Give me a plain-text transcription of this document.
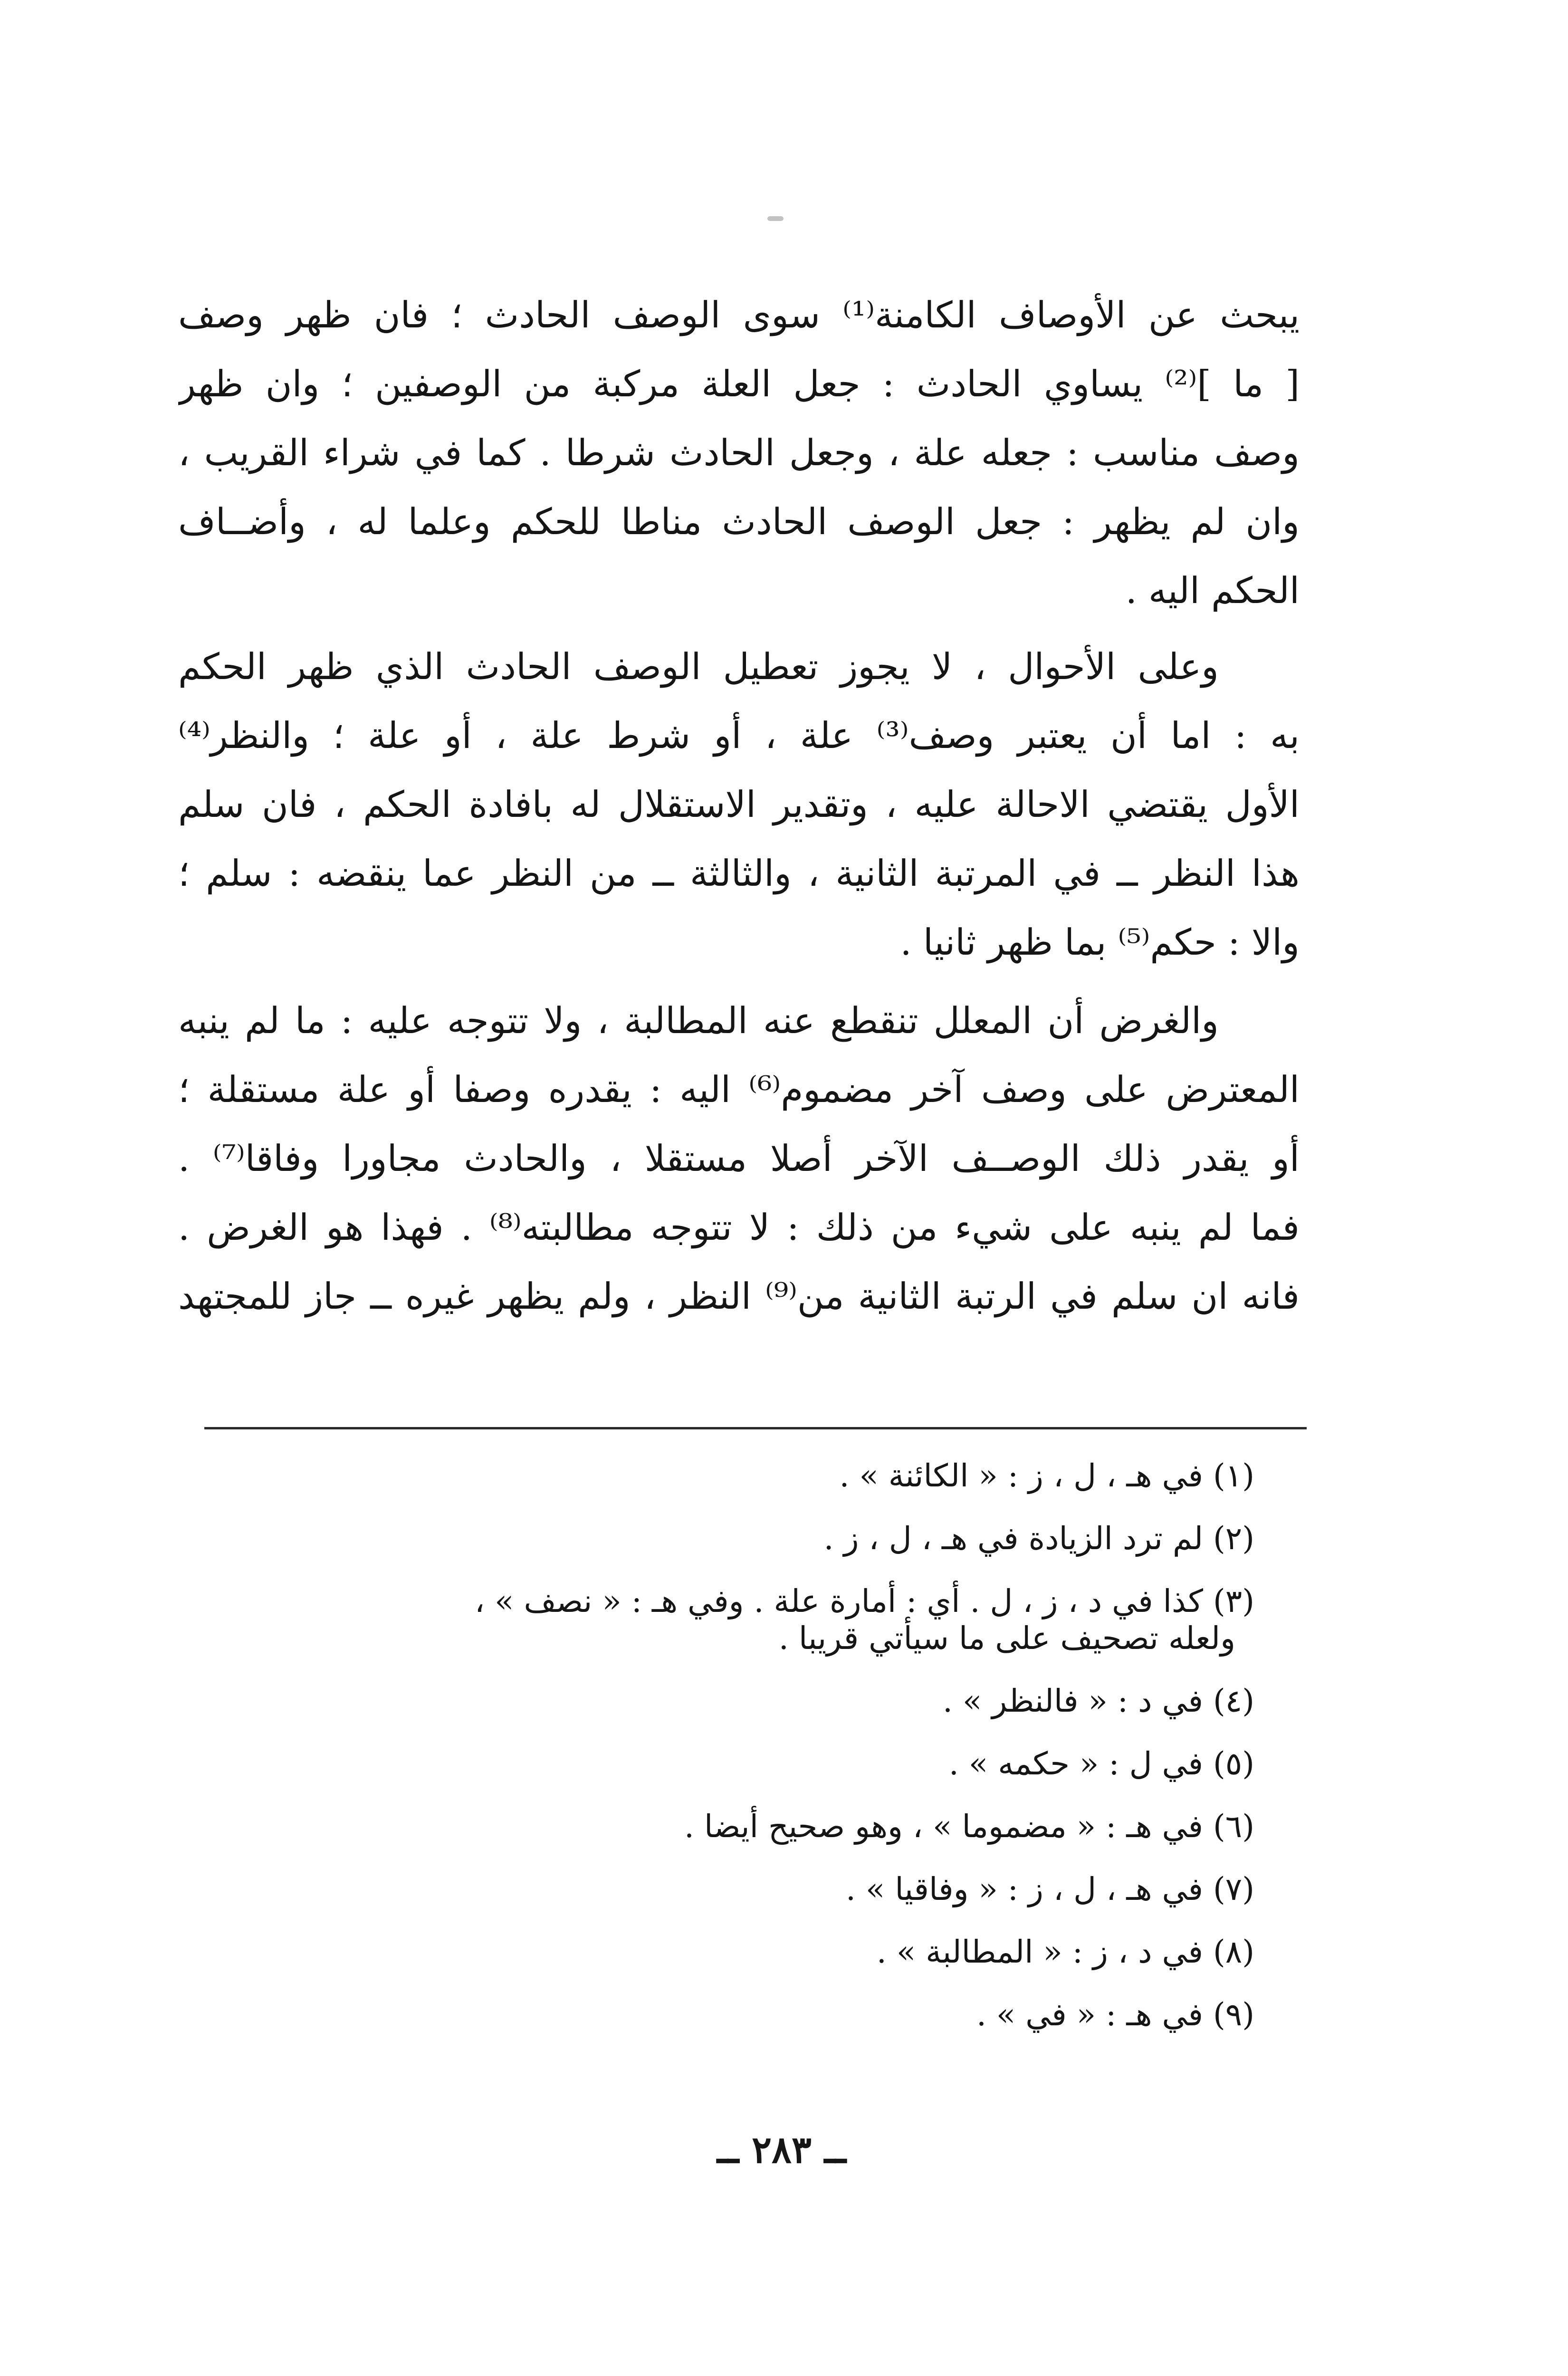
يبحث عن الأوصاف الكامنة⁽¹⁾ سوى الوصف الحادث ؛ فان ظهر وصف
[ ما ]⁽²⁾ يساوي الحادث : جعل العلة مركبة من الوصفين ؛ وان ظهر
وصف مناسب : جعله علة ، وجعل الحادث شرطا . كما في شراء القريب ،
وان لم يظهر : جعل الوصف الحادث مناطا للحكم وعلما له ، وأضــاف
الحكم اليه .
وعلى الأحوال ، لا يجوز تعطيل الوصف الحادث الذي ظهر الحكم
به : اما أن يعتبر وصف⁽³⁾ علة ، أو شرط علة ، أو علة ؛ والنظر⁽⁴⁾
الأول يقتضي الاحالة عليه ، وتقدير الاستقلال له بافادة الحكم ، فان سلم
هذا النظر ــ في المرتبة الثانية ، والثالثة ــ من النظر عما ينقضه : سلم ؛
والا : حكم⁽⁵⁾ بما ظهر ثانيا .
والغرض أن المعلل تنقطع عنه المطالبة ، ولا تتوجه عليه : ما لم ينبه
المعترض على وصف آخر مضموم⁽⁶⁾ اليه : يقدره وصفا أو علة مستقلة ؛
أو يقدر ذلك الوصــف الآخر أصلا مستقلا ، والحادث مجاورا وفاقا⁽⁷⁾ .
فما لم ينبه على شيء من ذلك : لا تتوجه مطالبته⁽⁸⁾ . فهذا هو الغرض .
فانه ان سلم في الرتبة الثانية من⁽⁹⁾ النظر ، ولم يظهر غيره ــ جاز للمجتهد
(١) في هـ ، ل ، ز : « الكائنة » .
(٢) لم ترد الزيادة في هـ ، ل ، ز .
(٣) كذا في د ، ز ، ل . أي : أمارة علة . وفي هـ : « نصف » ،
ولعله تصحيف على ما سيأتي قريبا .
(٤) في د : « فالنظر » .
(٥) في ل : « حكمه » .
(٦) في هـ : « مضموما » ، وهو صحيح أيضا .
(٧) في هـ ، ل ، ز : « وفاقيا » .
(٨) في د ، ز : « المطالبة » .
(٩) في هـ : « في » .
ــ ٢٨٣ ــ
